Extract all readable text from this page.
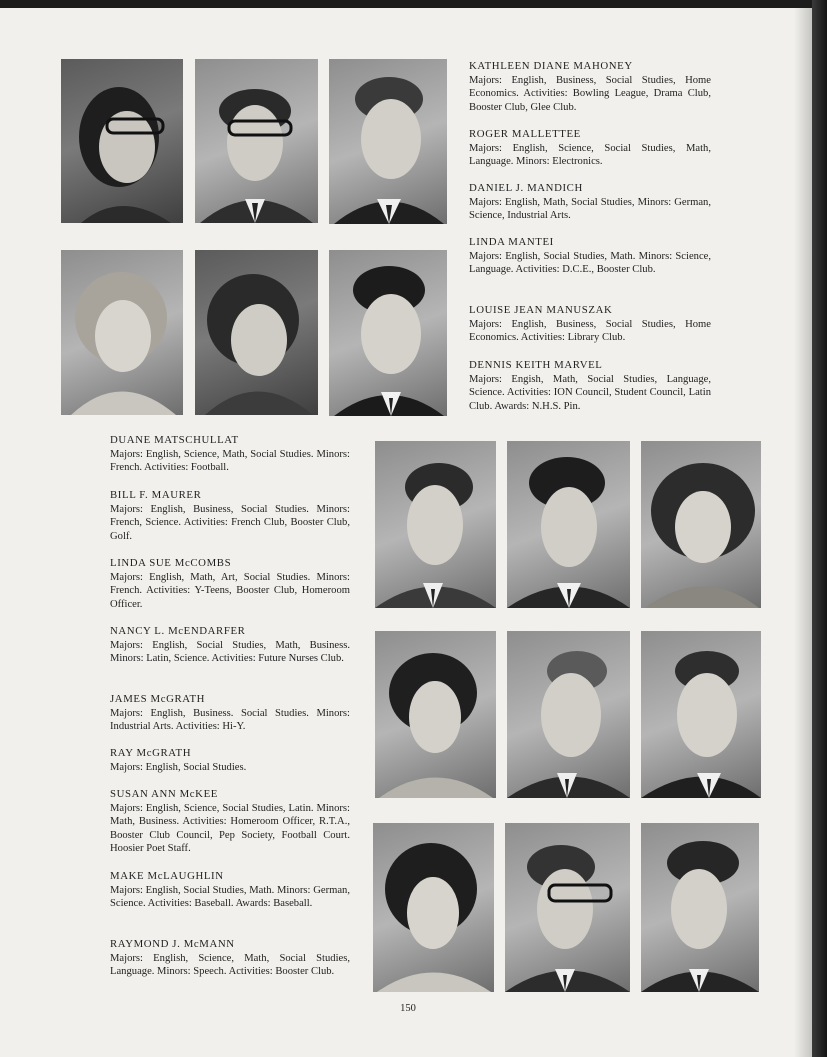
KATHLEEN DIANE MAHONEY
Majors: English, Business, Social Studies, Home Economics. Activities: Bowling League, Drama Club, Booster Club, Glee Club.
ROGER MALLETTEE
Majors: English, Science, Social Studies, Math, Language. Minors: Electronics.
DANIEL J. MANDICH
Majors: English, Math, Social Studies, Minors: German, Science, Industrial Arts.
LINDA MANTEI
Majors: English, Social Studies, Math. Minors: Science, Language. Activities: D.C.E., Booster Club.
LOUISE JEAN MANUSZAK
Majors: English, Business, Social Studies, Home Economics. Activities: Library Club.
DENNIS KEITH MARVEL
Majors: Engish, Math, Social Studies, Language, Science. Activities: ION Council, Student Council, Latin Club. Awards: N.H.S. Pin.
DUANE MATSCHULLAT
Majors: English, Science, Math, Social Studies. Minors: French. Activities: Football.
BILL F. MAURER
Majors: English, Business, Social Studies. Minors: French, Science. Activities: French Club, Booster Club, Golf.
LINDA SUE McCOMBS
Majors: English, Math, Art, Social Studies. Minors: French. Activities: Y-Teens, Booster Club, Homeroom Officer.
NANCY L. McENDARFER
Majors: English, Social Studies, Math, Business. Minors: Latin, Science. Activities: Future Nurses Club.
JAMES McGRATH
Majors: English, Business. Social Studies. Minors: Industrial Arts. Activities: Hi-Y.
RAY McGRATH
Majors: English, Social Studies.
SUSAN ANN McKEE
Majors: English, Science, Social Studies, Latin. Minors: Math, Business. Activities: Homeroom Officer, R.T.A., Booster Club Council, Pep Society, Football Court. Hoosier Poet Staff.
MAKE McLAUGHLIN
Majors: English, Social Studies, Math. Minors: German, Science. Activities: Baseball. Awards: Baseball.
RAYMOND J. McMANN
Majors: English, Science, Math, Social Studies, Language. Minors: Speech. Activities: Booster Club.
150
